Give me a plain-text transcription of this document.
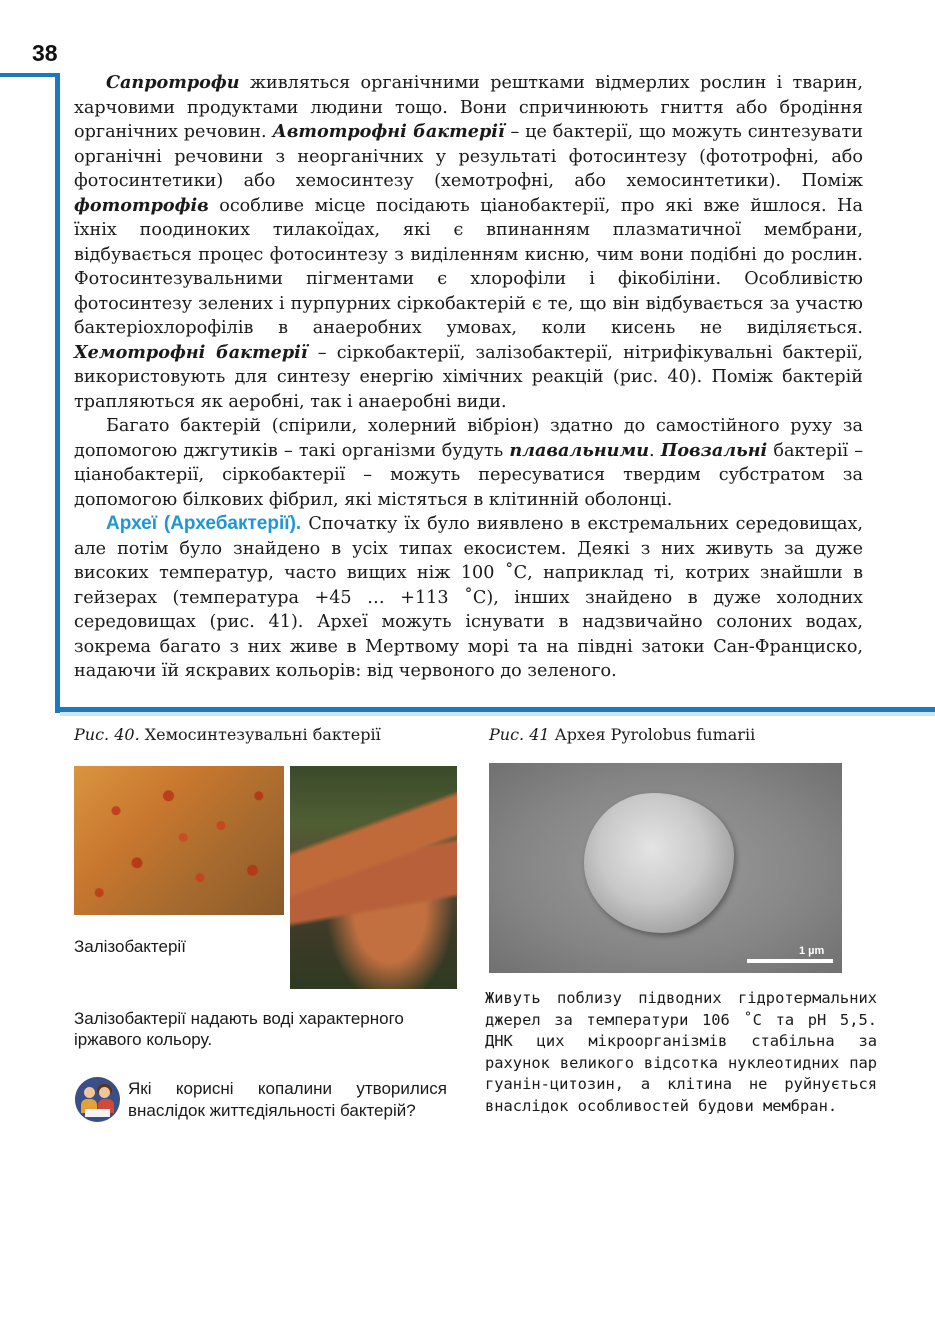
38

Сапротрофи живляться органічними рештками відмерлих рослин і тварин, харчовими продуктами людини тощо. Вони спричинюють гниття або бродіння органічних речовин. Автотрофні бактерії – це бактерії, що можуть синтезувати органічні речовини з неорганічних у результаті фотосинтезу (фототрофні, або фотосинтетики) або хемосинтезу (хемотрофні, або хемосинтетики). Поміж фототрофів особливе місце посідають ціанобактерії, про які вже йшлося. На їхніх поодиноких тилакоїдах, які є впинанням плазматичної мембрани, відбувається процес фотосинтезу з виділенням кисню, чим вони подібні до рослин. Фотосинтезувальними пігментами є хлорофіли і фікобіліни. Особливістю фотосинтезу зелених і пурпурних сіркобактерій є те, що він відбувається за участю бактеріохлорофілів в анаеробних умовах, коли кисень не виділяється. Хемотрофні бактерії – сіркобактерії, залізобактерії, нітрифікувальні бактерії, використовують для синтезу енергію хімічних реакцій (рис. 40). Поміж бактерій трапляються як аеробні, так і анаеробні види.

Багато бактерій (спірили, холерний вібріон) здатно до самостійного руху за допомогою джгутиків – такі організми будуть плавальними. Повзальні бактерії – ціанобактерії, сіркобактерії – можуть пересуватися твердим субстратом за допомогою білкових фібрил, які містяться в клітинній оболонці.

Археї (Архебактерії). Спочатку їх було виявлено в екстремальних середовищах, але потім було знайдено в усіх типах екосистем. Деякі з них живуть за дуже високих температур, часто вищих ніж 100 ˚С, наприклад ті, котрих знайшли в гейзерах (температура +45 … +113 ˚С), інших знайдено в дуже холодних середовищах (рис. 41). Археї можуть існувати в надзвичайно солоних водах, зокрема багато з них живе в Мертвому морі та на півдні затоки Сан-Франциско, надаючи їй яскравих кольорів: від червоного до зеленого.

Рис. 40. Хемосинтезувальні бактерії	Рис. 41 Архея Pyrolobus fumarii
1 µm
Залізобактерії

Залізобактерії надають воді характерного іржавого кольору.

Живуть поблизу підводних гідротермальних джерел за температури 106 ˚С та pH 5,5. ДНК цих мікроорганізмів стабільна за рахунок великого відсотка нуклеотидних пар гуанін-цитозин, а клітина не руйнується внаслідок особливостей будови мембран.

Які корисні копалини утворилися внаслідок життєдіяльності бактерій?
